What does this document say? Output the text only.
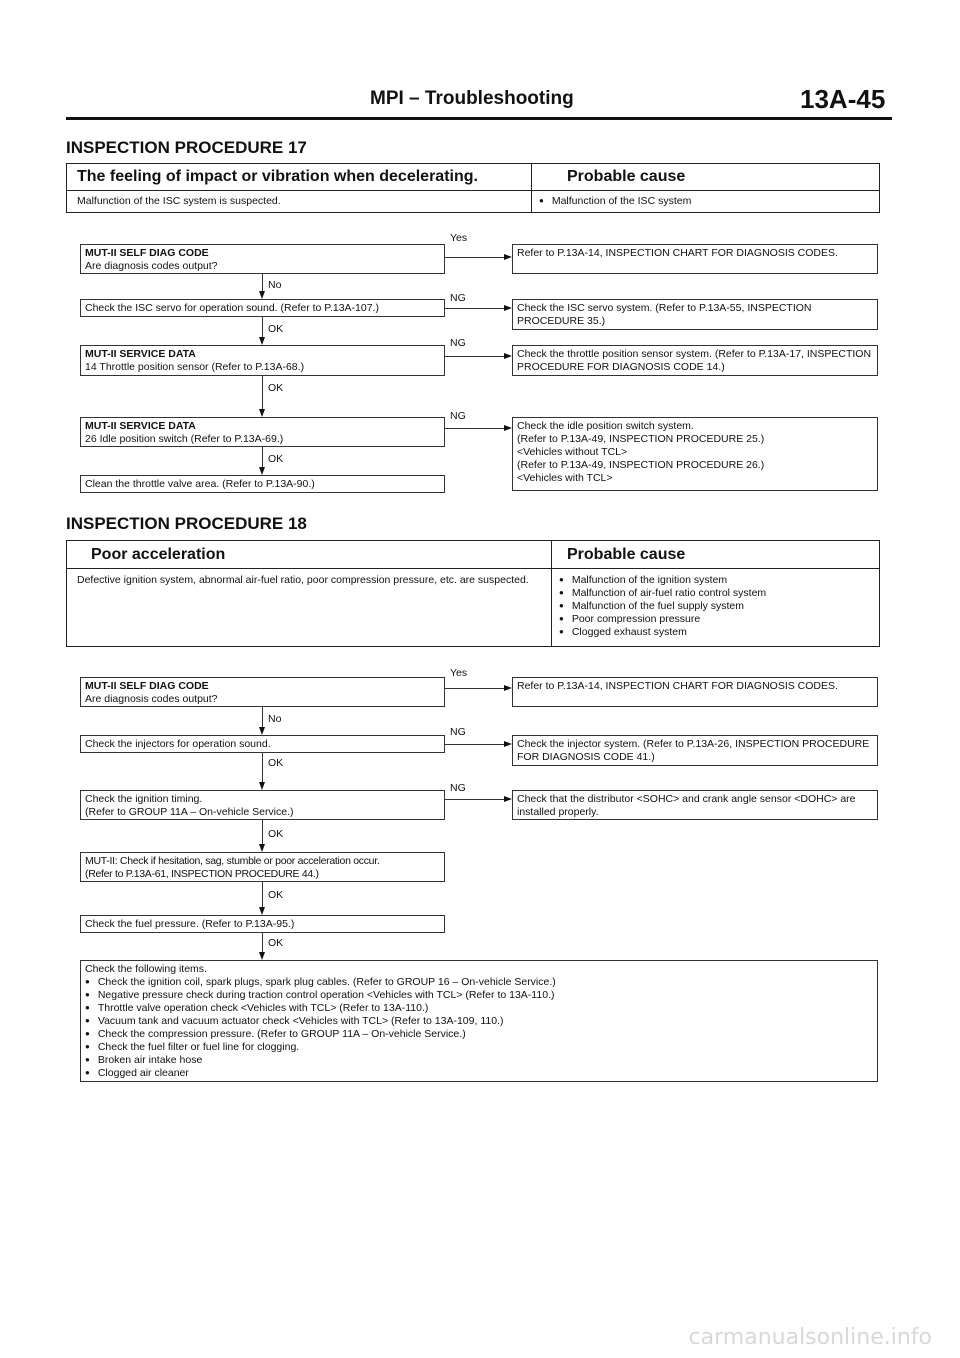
MPI – Troubleshooting	13A-45
INSPECTION PROCEDURE 17
The feeling of impact or vibration when decelerating.	Probable cause
Malfunction of the ISC system is suspected.	● Malfunction of the ISC system
MUT-II SELF DIAG CODE
Are diagnosis codes output?
Check the ISC servo for operation sound. (Refer to P.13A-107.)
MUT-II SERVICE DATA
14 Throttle position sensor (Refer to P.13A-68.)
MUT-II SERVICE DATA
26 Idle position switch (Refer to P.13A-69.)
Clean the throttle valve area. (Refer to P.13A-90.)
Refer to P.13A-14, INSPECTION CHART FOR DIAGNOSIS CODES.
Check the ISC servo system. (Refer to P.13A-55, INSPECTION PROCEDURE 35.)
Check the throttle position sensor system. (Refer to P.13A-17, INSPECTION PROCEDURE FOR DIAGNOSIS CODE 14.)
Check the idle position switch system.
(Refer to P.13A-49, INSPECTION PROCEDURE 25.)
<Vehicles without TCL>
(Refer to P.13A-49, INSPECTION PROCEDURE 26.)
<Vehicles with TCL>
Yes
NG
NG
NG
No
OK
OK
OK
INSPECTION PROCEDURE 18
Poor acceleration	Probable cause
Defective ignition system, abnormal air-fuel ratio, poor compression pressure, etc. are suspected.	● Malfunction of the ignition system
● Malfunction of air-fuel ratio control system
● Malfunction of the fuel supply system
● Poor compression pressure
● Clogged exhaust system
MUT-II SELF DIAG CODE
Are diagnosis codes output?
Check the injectors for operation sound.
Check the ignition timing.
(Refer to GROUP 11A – On-vehicle Service.)
MUT-II: Check if hesitation, sag, stumble or poor acceleration occur.
(Refer to P.13A-61, INSPECTION PROCEDURE 44.)
Check the fuel pressure. (Refer to P.13A-95.)
Refer to P.13A-14, INSPECTION CHART FOR DIAGNOSIS CODES.
Check the injector system. (Refer to P.13A-26, INSPECTION PROCEDURE FOR DIAGNOSIS CODE 41.)
Check that the distributor <SOHC> and crank angle sensor <DOHC> are installed properly.
Check the following items.
● Check the ignition coil, spark plugs, spark plug cables. (Refer to GROUP 16 – On-vehicle Service.)
● Negative pressure check during traction control operation <Vehicles with TCL> (Refer to 13A-110.)
● Throttle valve operation check <Vehicles with TCL> (Refer to 13A-110.)
● Vacuum tank and vacuum actuator check <Vehicles with TCL> (Refer to 13A-109, 110.)
● Check the compression pressure. (Refer to GROUP 11A – On-vehicle Service.)
● Check the fuel filter or fuel line for clogging.
● Broken air intake hose
● Clogged air cleaner
Yes
NG
NG
No
OK
OK
OK
OK
carmanualsonline.info
